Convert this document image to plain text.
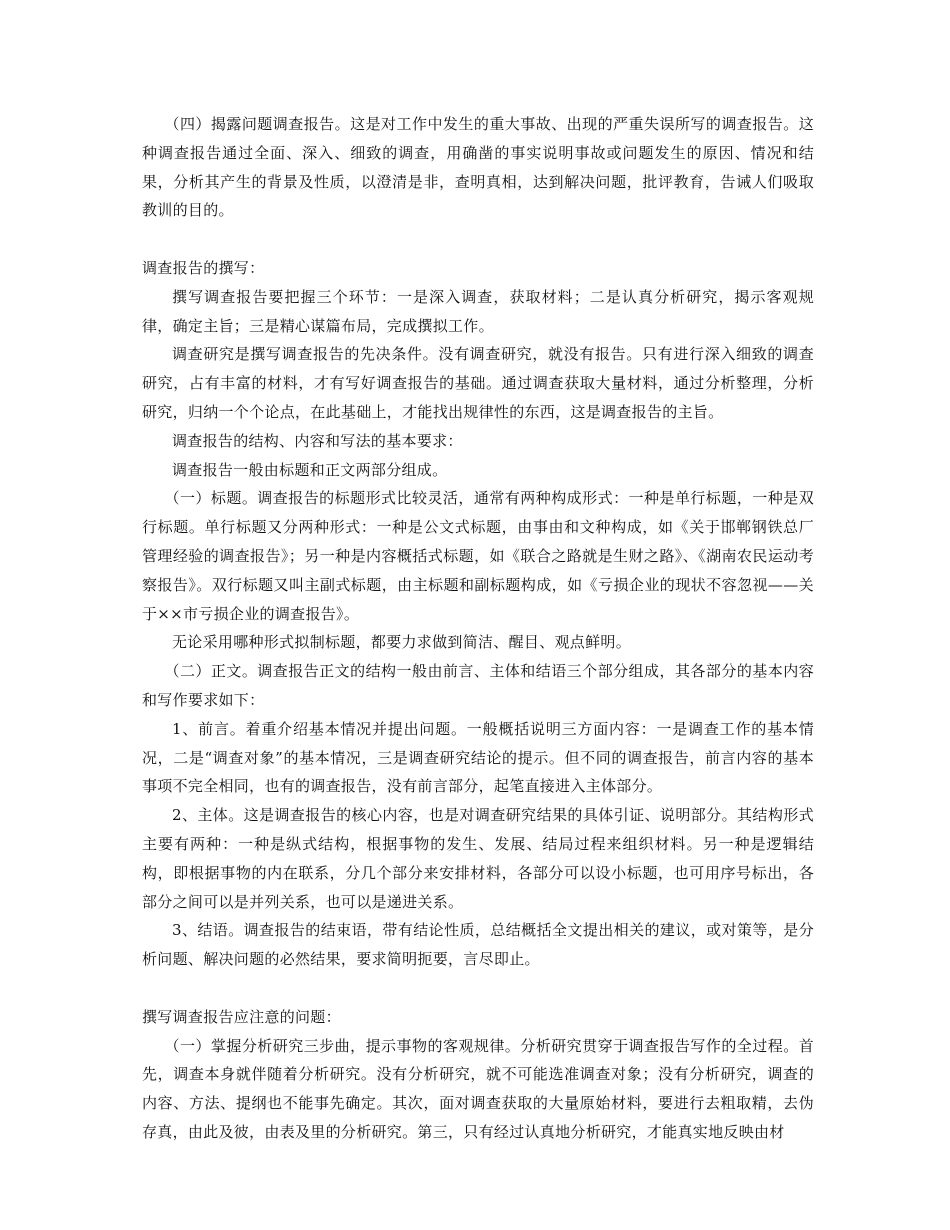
（四）揭露问题调查报告。这是对工作中发生的重大事故、出现的严重失误所写的调查报告。这种调查报告通过全面、深入、细致的调查，用确凿的事实说明事故或问题发生的原因、情况和结果，分析其产生的背景及性质，以澄清是非，查明真相，达到解决问题，批评教育，告诫人们吸取教训的目的。

调查报告的撰写：

撰写调查报告要把握三个环节：一是深入调查，获取材料；二是认真分析研究，揭示客观规律，确定主旨；三是精心谋篇布局，完成撰拟工作。

调查研究是撰写调查报告的先决条件。没有调查研究，就没有报告。只有进行深入细致的调查研究，占有丰富的材料，才有写好调查报告的基础。通过调查获取大量材料，通过分析整理，分析研究，归纳一个个论点，在此基础上，才能找出规律性的东西，这是调查报告的主旨。

调查报告的结构、内容和写法的基本要求：

调查报告一般由标题和正文两部分组成。

（一）标题。调查报告的标题形式比较灵活，通常有两种构成形式：一种是单行标题，一种是双行标题。单行标题又分两种形式：一种是公文式标题，由事由和文种构成，如《关于邯郸钢铁总厂管理经验的调查报告》；另一种是内容概括式标题，如《联合之路就是生财之路》、《湖南农民运动考察报告》。双行标题又叫主副式标题，由主标题和副标题构成，如《亏损企业的现状不容忽视——关于××市亏损企业的调查报告》。

无论采用哪种形式拟制标题，都要力求做到简洁、醒目、观点鲜明。

（二）正文。调查报告正文的结构一般由前言、主体和结语三个部分组成，其各部分的基本内容和写作要求如下：

1、前言。着重介绍基本情况并提出问题。一般概括说明三方面内容：一是调查工作的基本情况，二是“调查对象”的基本情况，三是调查研究结论的提示。但不同的调查报告，前言内容的基本事项不完全相同，也有的调查报告，没有前言部分，起笔直接进入主体部分。

2、主体。这是调查报告的核心内容，也是对调查研究结果的具体引证、说明部分。其结构形式主要有两种：一种是纵式结构，根据事物的发生、发展、结局过程来组织材料。另一种是逻辑结构，即根据事物的内在联系，分几个部分来安排材料，各部分可以设小标题，也可用序号标出，各部分之间可以是并列关系，也可以是递进关系。

3、结语。调查报告的结束语，带有结论性质，总结概括全文提出相关的建议，或对策等，是分析问题、解决问题的必然结果，要求简明扼要，言尽即止。

撰写调查报告应注意的问题：

（一）掌握分析研究三步曲，提示事物的客观规律。分析研究贯穿于调查报告写作的全过程。首先，调查本身就伴随着分析研究。没有分析研究，就不可能选准调查对象；没有分析研究，调查的内容、方法、提纲也不能事先确定。其次，面对调查获取的大量原始材料，要进行去粗取精，去伪存真，由此及彼，由表及里的分析研究。第三，只有经过认真地分析研究，才能真实地反映由材
